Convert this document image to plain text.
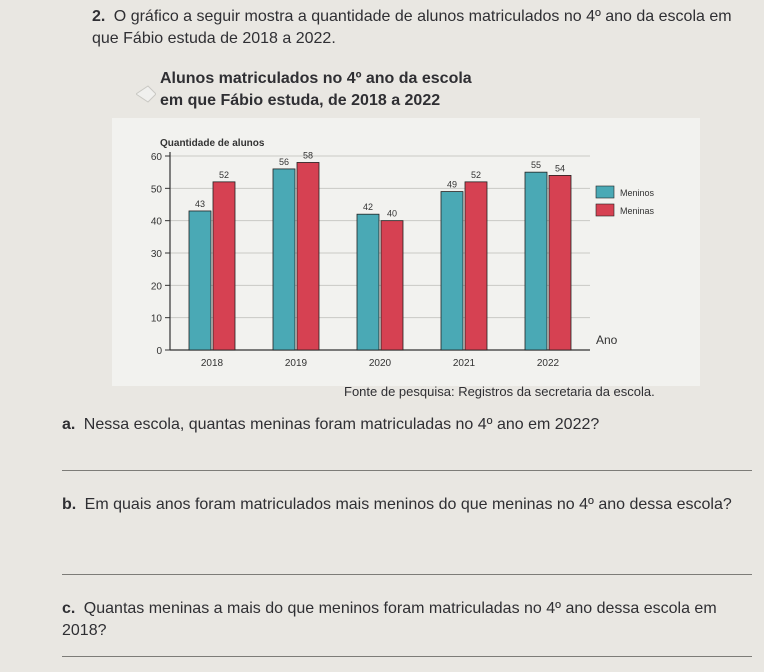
2. O gráfico a seguir mostra a quantidade de alunos matriculados no 4º ano da escola em que Fábio estuda de 2018 a 2022.
Alunos matriculados no 4º ano da escola
em que Fábio estuda, de 2018 a 2022
0
10
20
30
40
50
60
Quantidade de alunos
Ano
43
52
2018
56
58
2019
42
40
2020
49
52
2021
55 54
2022
Meninos
Meninas
Fonte de pesquisa: Registros da secretaria da escola.
a. Nessa escola, quantas meninas foram matriculadas no 4º ano em 2022?
b. Em quais anos foram matriculados mais meninos do que meninas no 4º ano dessa escola?
c. Quantas meninas a mais do que meninos foram matriculadas no 4º ano dessa escola em 2018?
